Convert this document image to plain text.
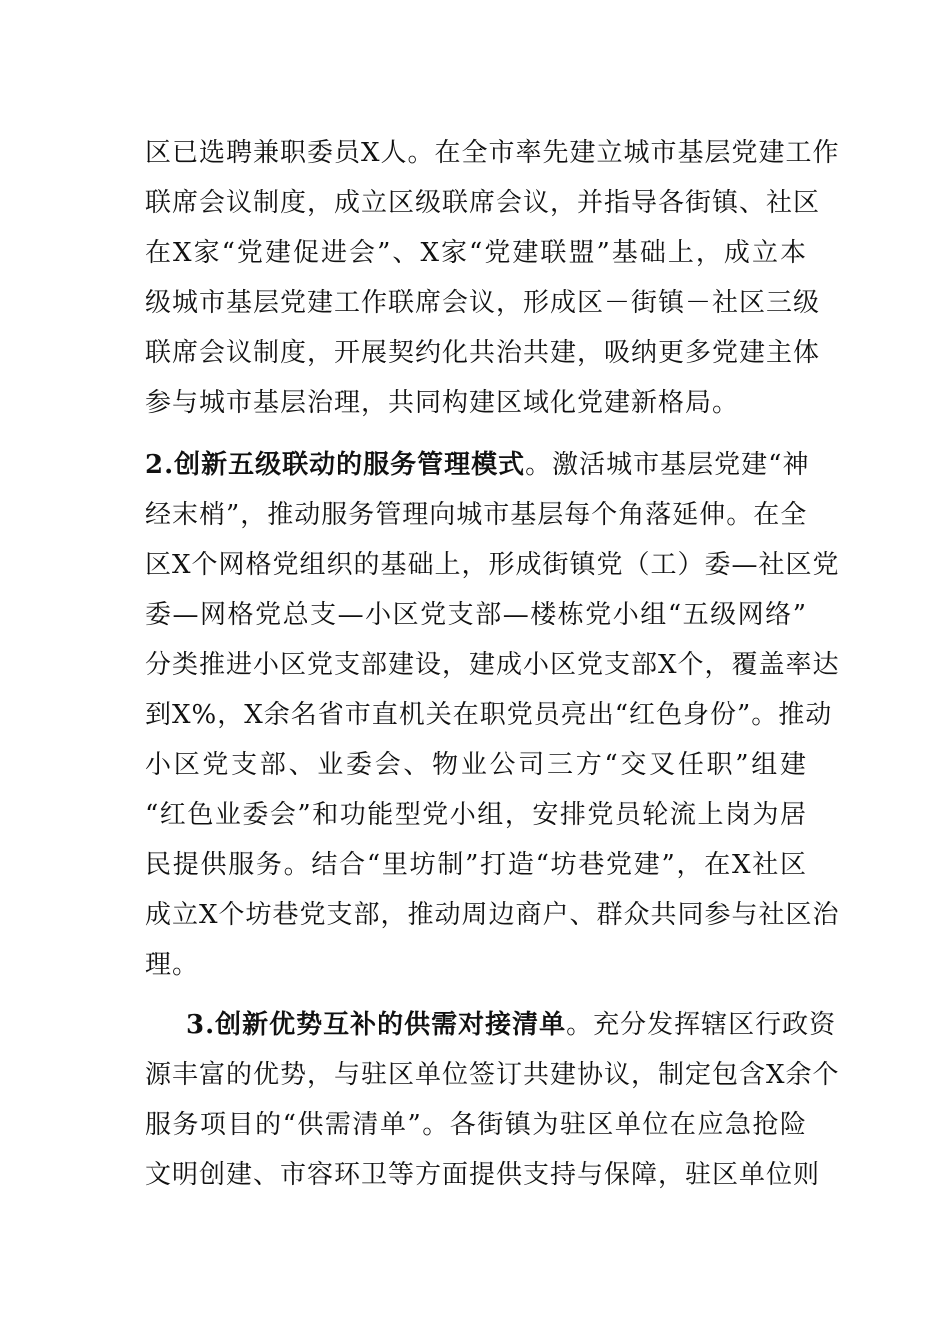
区已选聘兼职委员X人。在全市率先建立城市基层党建工作
联席会议制度，成立区级联席会议，并指导各街镇、社区
在X家“党建促进会”、X家“党建联盟”基础上，成立本
级城市基层党建工作联席会议，形成区－街镇－社区三级
联席会议制度，开展契约化共治共建，吸纳更多党建主体
参与城市基层治理，共同构建区域化党建新格局。
2.创新五级联动的服务管理模式。激活城市基层党建“神
经末梢”，推动服务管理向城市基层每个角落延伸。在全
区X个网格党组织的基础上，形成街镇党（工）委—社区党
委—网格党总支—小区党支部—楼栋党小组“五级网络”
分类推进小区党支部建设，建成小区党支部X个，覆盖率达
到X%，X余名省市直机关在职党员亮出“红色身份”。推动
小区党支部、业委会、物业公司三方“交叉任职”组建
“红色业委会”和功能型党小组，安排党员轮流上岗为居
民提供服务。结合“里坊制”打造“坊巷党建”，在X社区
成立X个坊巷党支部，推动周边商户、群众共同参与社区治
理。
3.创新优势互补的供需对接清单。充分发挥辖区行政资
源丰富的优势，与驻区单位签订共建协议，制定包含X余个
服务项目的“供需清单”。各街镇为驻区单位在应急抢险
文明创建、市容环卫等方面提供支持与保障，驻区单位则
